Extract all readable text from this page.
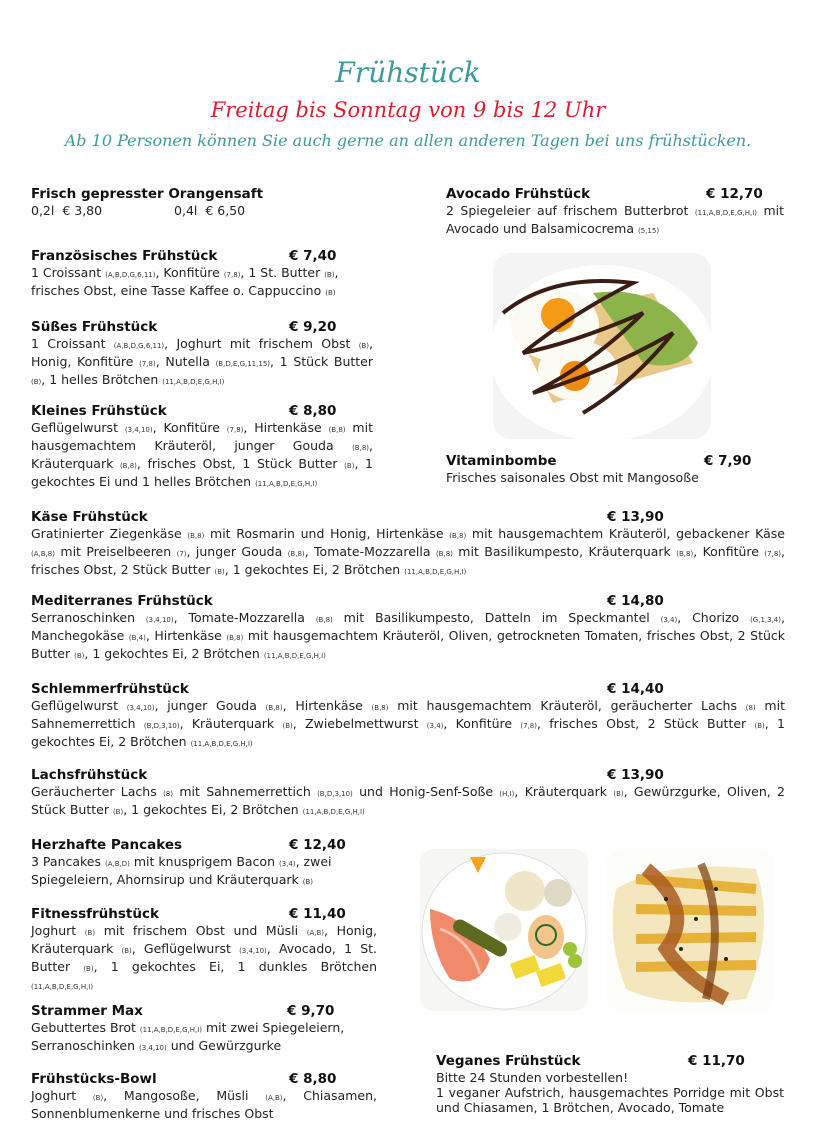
Frühstück
Freitag bis Sonntag von 9 bis 12 Uhr
Ab 10 Personen können Sie auch gerne an allen anderen Tagen bei uns frühstücken.
Frisch gepresster Orangensaft

0,2l € 3,80	0,4l € 6,50

Französisches Frühstück	€ 7,40

1 Croissant (A,B,D,G,6,11), Konfitüre (7,8), 1 St. Butter (B), frisches Obst, eine Tasse Kaffee o. Cappuccino (B)

Süßes Frühstück	€ 9,20

1 Croissant (A,B,D,G,6,11), Joghurt mit frischem Obst (B), Honig, Konfitüre (7,8), Nutella (B,D,E,G,11,15), 1 Stück Butter (B), 1 helles Brötchen (11,A,B,D,E,G,H,I)

Kleines Frühstück	€ 8,80

Geflügelwurst (3,4,10), Konfitüre (7,8), Hirtenkäse (B,8) mit hausgemachtem Kräuteröl, junger Gouda (B,8), Kräuterquark (B,8), frisches Obst, 1 Stück Butter (B), 1 gekochtes Ei und 1 helles Brötchen (11,A,B,D,E,G,H,I)

Avocado Frühstück	€ 12,70

2 Spiegeleier auf frischem Butterbrot (11,A,B,D,E,G,H,I) mit Avocado und Balsamicocrema (5,15)

Vitaminbombe	€ 7,90

Frisches saisonales Obst mit Mangosoße

Käse Frühstück	€ 13,90

Gratinierter Ziegenkäse (B,8) mit Rosmarin und Honig, Hirtenkäse (B,8) mit hausgemachtem Kräuteröl, gebackener Käse (A,B,8) mit Preiselbeeren (7), junger Gouda (B,8), Tomate-Mozzarella (B,8) mit Basilikumpesto, Kräuterquark (B,8), Konfitüre (7,8), frisches Obst, 2 Stück Butter (B), 1 gekochtes Ei, 2 Brötchen (11,A,B,D,E,G,H,I)

Mediterranes Frühstück	€ 14,80

Serranoschinken (3,4,10), Tomate-Mozzarella (B,8) mit Basilikumpesto, Datteln im Speckmantel (3,4), Chorizo (G,1,3,4), Manchegokäse (B,4), Hirtenkäse (B,8) mit hausgemachtem Kräuteröl, Oliven, getrockneten Tomaten, frisches Obst, 2 Stück Butter (B), 1 gekochtes Ei, 2 Brötchen (11,A,B,D,E,G,H,I)

Schlemmerfrühstück	€ 14,40

Geflügelwurst (3,4,10), junger Gouda (B,8), Hirtenkäse (B,8) mit hausgemachtem Kräuteröl, geräucherter Lachs (8) mit Sahnemerrettich (B,D,3,10), Kräuterquark (B), Zwiebelmettwurst (3,4), Konfitüre (7,8), frisches Obst, 2 Stück Butter (B), 1 gekochtes Ei, 2 Brötchen (11,A,B,D,E,G,H,I)

Lachsfrühstück	€ 13,90

Geräucherter Lachs (8) mit Sahnemerrettich (B,D,3,10) und Honig-Senf-Soße (H,I), Kräuterquark (B), Gewürzgurke, Oliven, 2 Stück Butter (B), 1 gekochtes Ei, 2 Brötchen (11,A,B,D,E,G,H,I)

Herzhafte Pancakes	€ 12,40

3 Pancakes (A,B,D) mit knusprigem Bacon (3,4), zwei Spiegeleiern, Ahornsirup und Kräuterquark (B)

Fitnessfrühstück	€ 11,40

Joghurt (B) mit frischem Obst und Müsli (A,B), Honig, Kräuterquark (B), Geflügelwurst (3,4,10), Avocado, 1 St. Butter (B), 1 gekochtes Ei, 1 dunkles Brötchen (11,A,B,D,E,G,H,I)

Strammer Max	€ 9,70

Gebuttertes Brot (11,A,B,D,E,G,H,I) mit zwei Spiegeleiern, Serranoschinken (3,4,10) und Gewürzgurke

Frühstücks-Bowl	€ 8,80

Joghurt (B), Mangosoße, Müsli (A,B), Chiasamen, Sonnenblumenkerne und frisches Obst

Veganes Frühstück	€ 11,70

Bitte 24 Stunden vorbestellen!

1 veganer Aufstrich, hausgemachtes Porridge mit Obst und Chiasamen, 1 Brötchen, Avocado, Tomate
